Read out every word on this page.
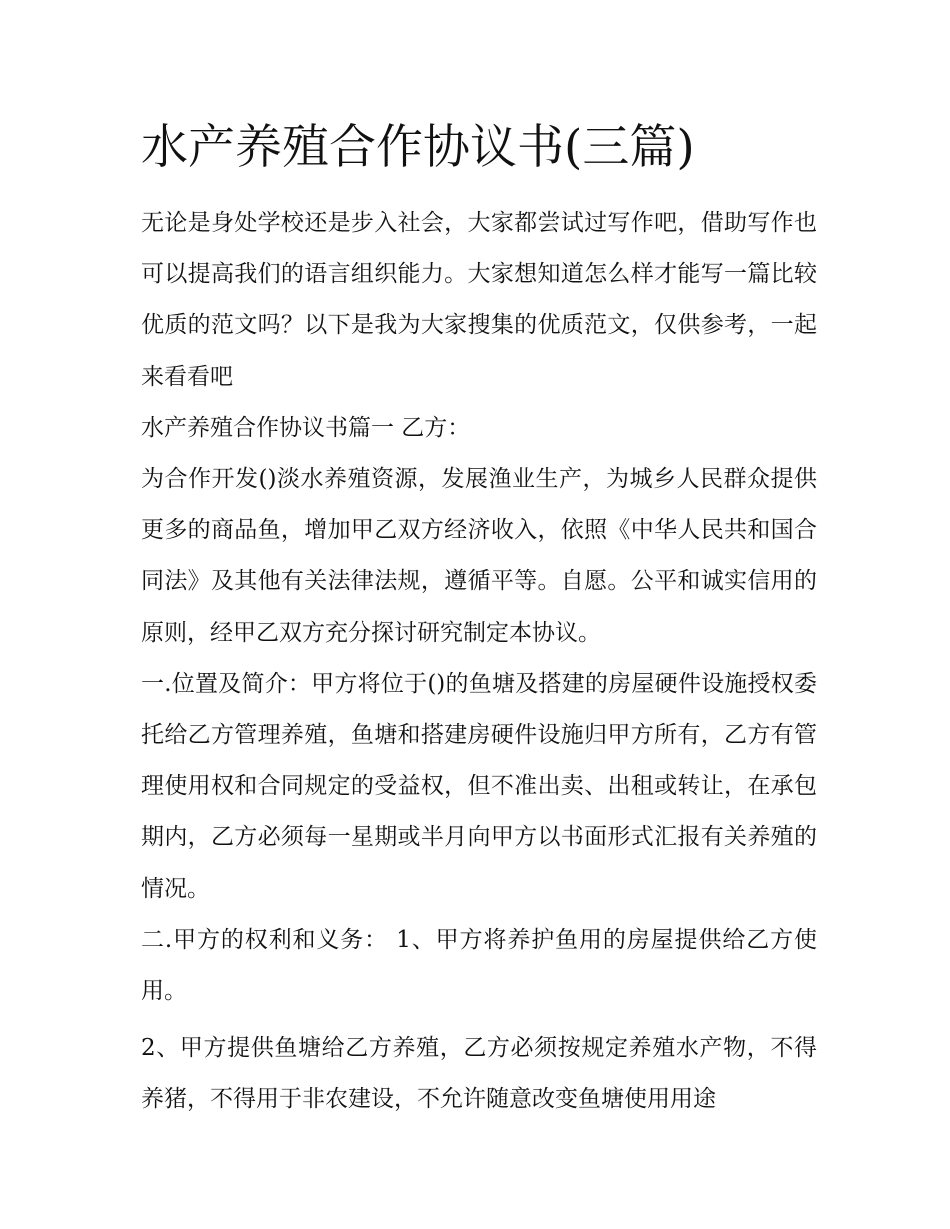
水产养殖合作协议书(三篇)

无论是身处学校还是步入社会，大家都尝试过写作吧，借助写作也可以提高我们的语言组织能力。大家想知道怎么样才能写一篇比较优质的范文吗？以下是我为大家搜集的优质范文，仅供参考，一起来看看吧

水产养殖合作协议书篇一 乙方：

为合作开发()淡水养殖资源，发展渔业生产，为城乡人民群众提供更多的商品鱼，增加甲乙双方经济收入，依照《中华人民共和国合同法》及其他有关法律法规，遵循平等。自愿。公平和诚实信用的原则，经甲乙双方充分探讨研究制定本协议。

一.位置及简介：甲方将位于()的鱼塘及搭建的房屋硬件设施授权委托给乙方管理养殖，鱼塘和搭建房硬件设施归甲方所有，乙方有管理使用权和合同规定的受益权，但不准出卖、出租或转让，在承包期内，乙方必须每一星期或半月向甲方以书面形式汇报有关养殖的情况。

二.甲方的权利和义务： 1、甲方将养护鱼用的房屋提供给乙方使用。

2、甲方提供鱼塘给乙方养殖，乙方必须按规定养殖水产物，不得养猪，不得用于非农建设，不允许随意改变鱼塘使用用途
